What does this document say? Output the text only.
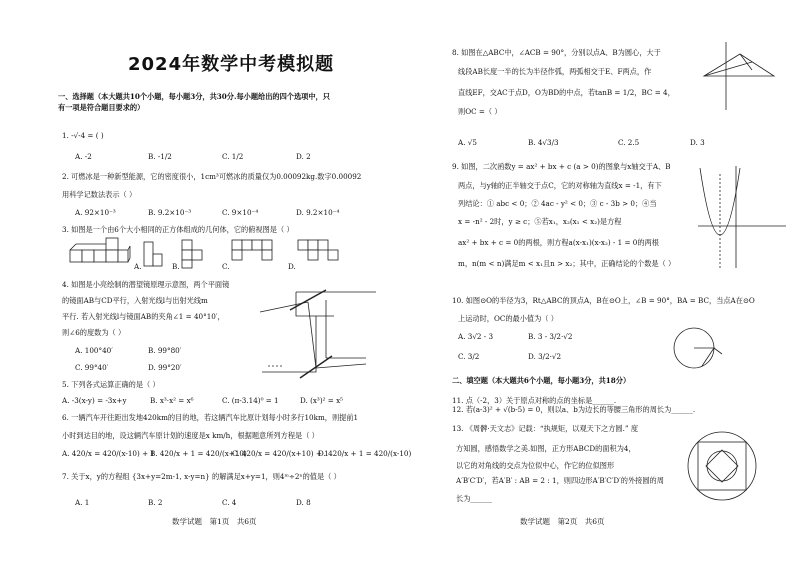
2024年数学中考模拟题
一、选择题（本大题共10个小题，每小题3分，共30分.每小题给出的四个选项中，只
有一项是符合题目要求的）
1. -√-4 = ( )
A. -2	B. -1/2	C. 1/2	D. 2
2. 可燃冰是一种新型能源，它的密度很小，1cm³可燃冰的质量仅为0.00092kg.数字0.00092
用科学记数法表示（ ）
A. 92×10⁻³	B. 9.2×10⁻³	C. 9×10⁻⁴	D. 9.2×10⁻⁴
3. 如图是一个由6个大小相同的正方体组成的几何体，它的俯视图是（ ）
A.	B.	C.	D.
4. 如图是小亮绘制的潜望镜原理示意图，两个平面镜
的镜面AB与CD平行，入射光线l与出射光线m
平行. 若入射光线l与镜面AB的夹角∠1 = 40°10′，
则∠6的度数为（ ）
A. 100°40′	B. 99°80′
C. 99°40′	D. 99°20′
5. 下列各式运算正确的是（ ）
A. -3(x-y) = -3x+y	B. x³·x² = x⁶	C. (π-3.14)⁰ = 1	D. (x³)² = x⁵
6. 一辆汽车开往距出发地420km的目的地，若这辆汽车比原计划每小时多行10km，则提前1
小时到达目的地，设这辆汽车原计划的速度是x km/h，根据题意所列方程是（ ）
A. 420/x = 420/(x-10) + 1
B. 420/x + 1 = 420/(x+10)
C. 420/x = 420/(x+10) + 1
D. 420/x + 1 = 420/(x-10)
7. 关于x，y的方程组 {3x+y=2m-1, x-y=n} 的解满足x+y=1，则4ᵐ÷2ⁿ的值是（ ）
A. 1	B. 2	C. 4	D. 8
数学试题　第1页　共6页
8. 如图在△ABC中，∠ACB = 90°，分别以点A、B为圆心，大于
线段AB长度一半的长为半径作弧，两弧相交于E、F两点，作
直线EF，交AC于点D，O为BD的中点，若tanB = 1/2，BC = 4，
则OC =（ ）
A. √5	B. 4√3/3	C. 2.5	D. 3
9. 如图，二次函数y = ax² + bx + c (a > 0)的图象与x轴交于A、B
两点，与y轴的正半轴交于点C，它的对称轴为直线x = -1，有下
列结论：① abc < 0；② 4ac - y² < 0；③ c - 3b > 0；④当
x = -n² - 2时，y ≥ c；⑤若x₁，x₂(x₁ < x₂)是方程
ax² + bx + c = 0的两根，则方程a(x-x₁)(x-x₂) - 1 = 0的两根
m，n(m < n)满足m < x₁且n > x₂；其中，正确结论的个数是（ ）
10. 如图⊙O的半径为3，Rt△ABC的顶点A，B在⊙O上，∠B = 90°，BA = BC，当点A在⊙O
上运动时，OC的最小值为（ ）
A. 3√2 - 3	B. 3 - 3/2·√2
C. 3/2	D. 3/2·√2
二、填空题（本大题共6个小题，每小题3分，共18分）
11. 点（-2，3）关于原点对称的点的坐标是______.
12. 若(a-3)² + √(b-5) = 0，则以a、b为边长的等腰三角形的周长为______.
13. 《周髀·天文志》记载：“执规矩，以观天下之方圆.” 度
方知圆，感悟数学之美.如图，正方形ABCD的面积为4，
以它的对角线的交点为位似中心，作它的位似图形
A′B′C′D′，若A′B′ : AB = 2 : 1，则四边形A′B′C′D′的外接圆的周
长为______
数学试题　第2页　共6页
